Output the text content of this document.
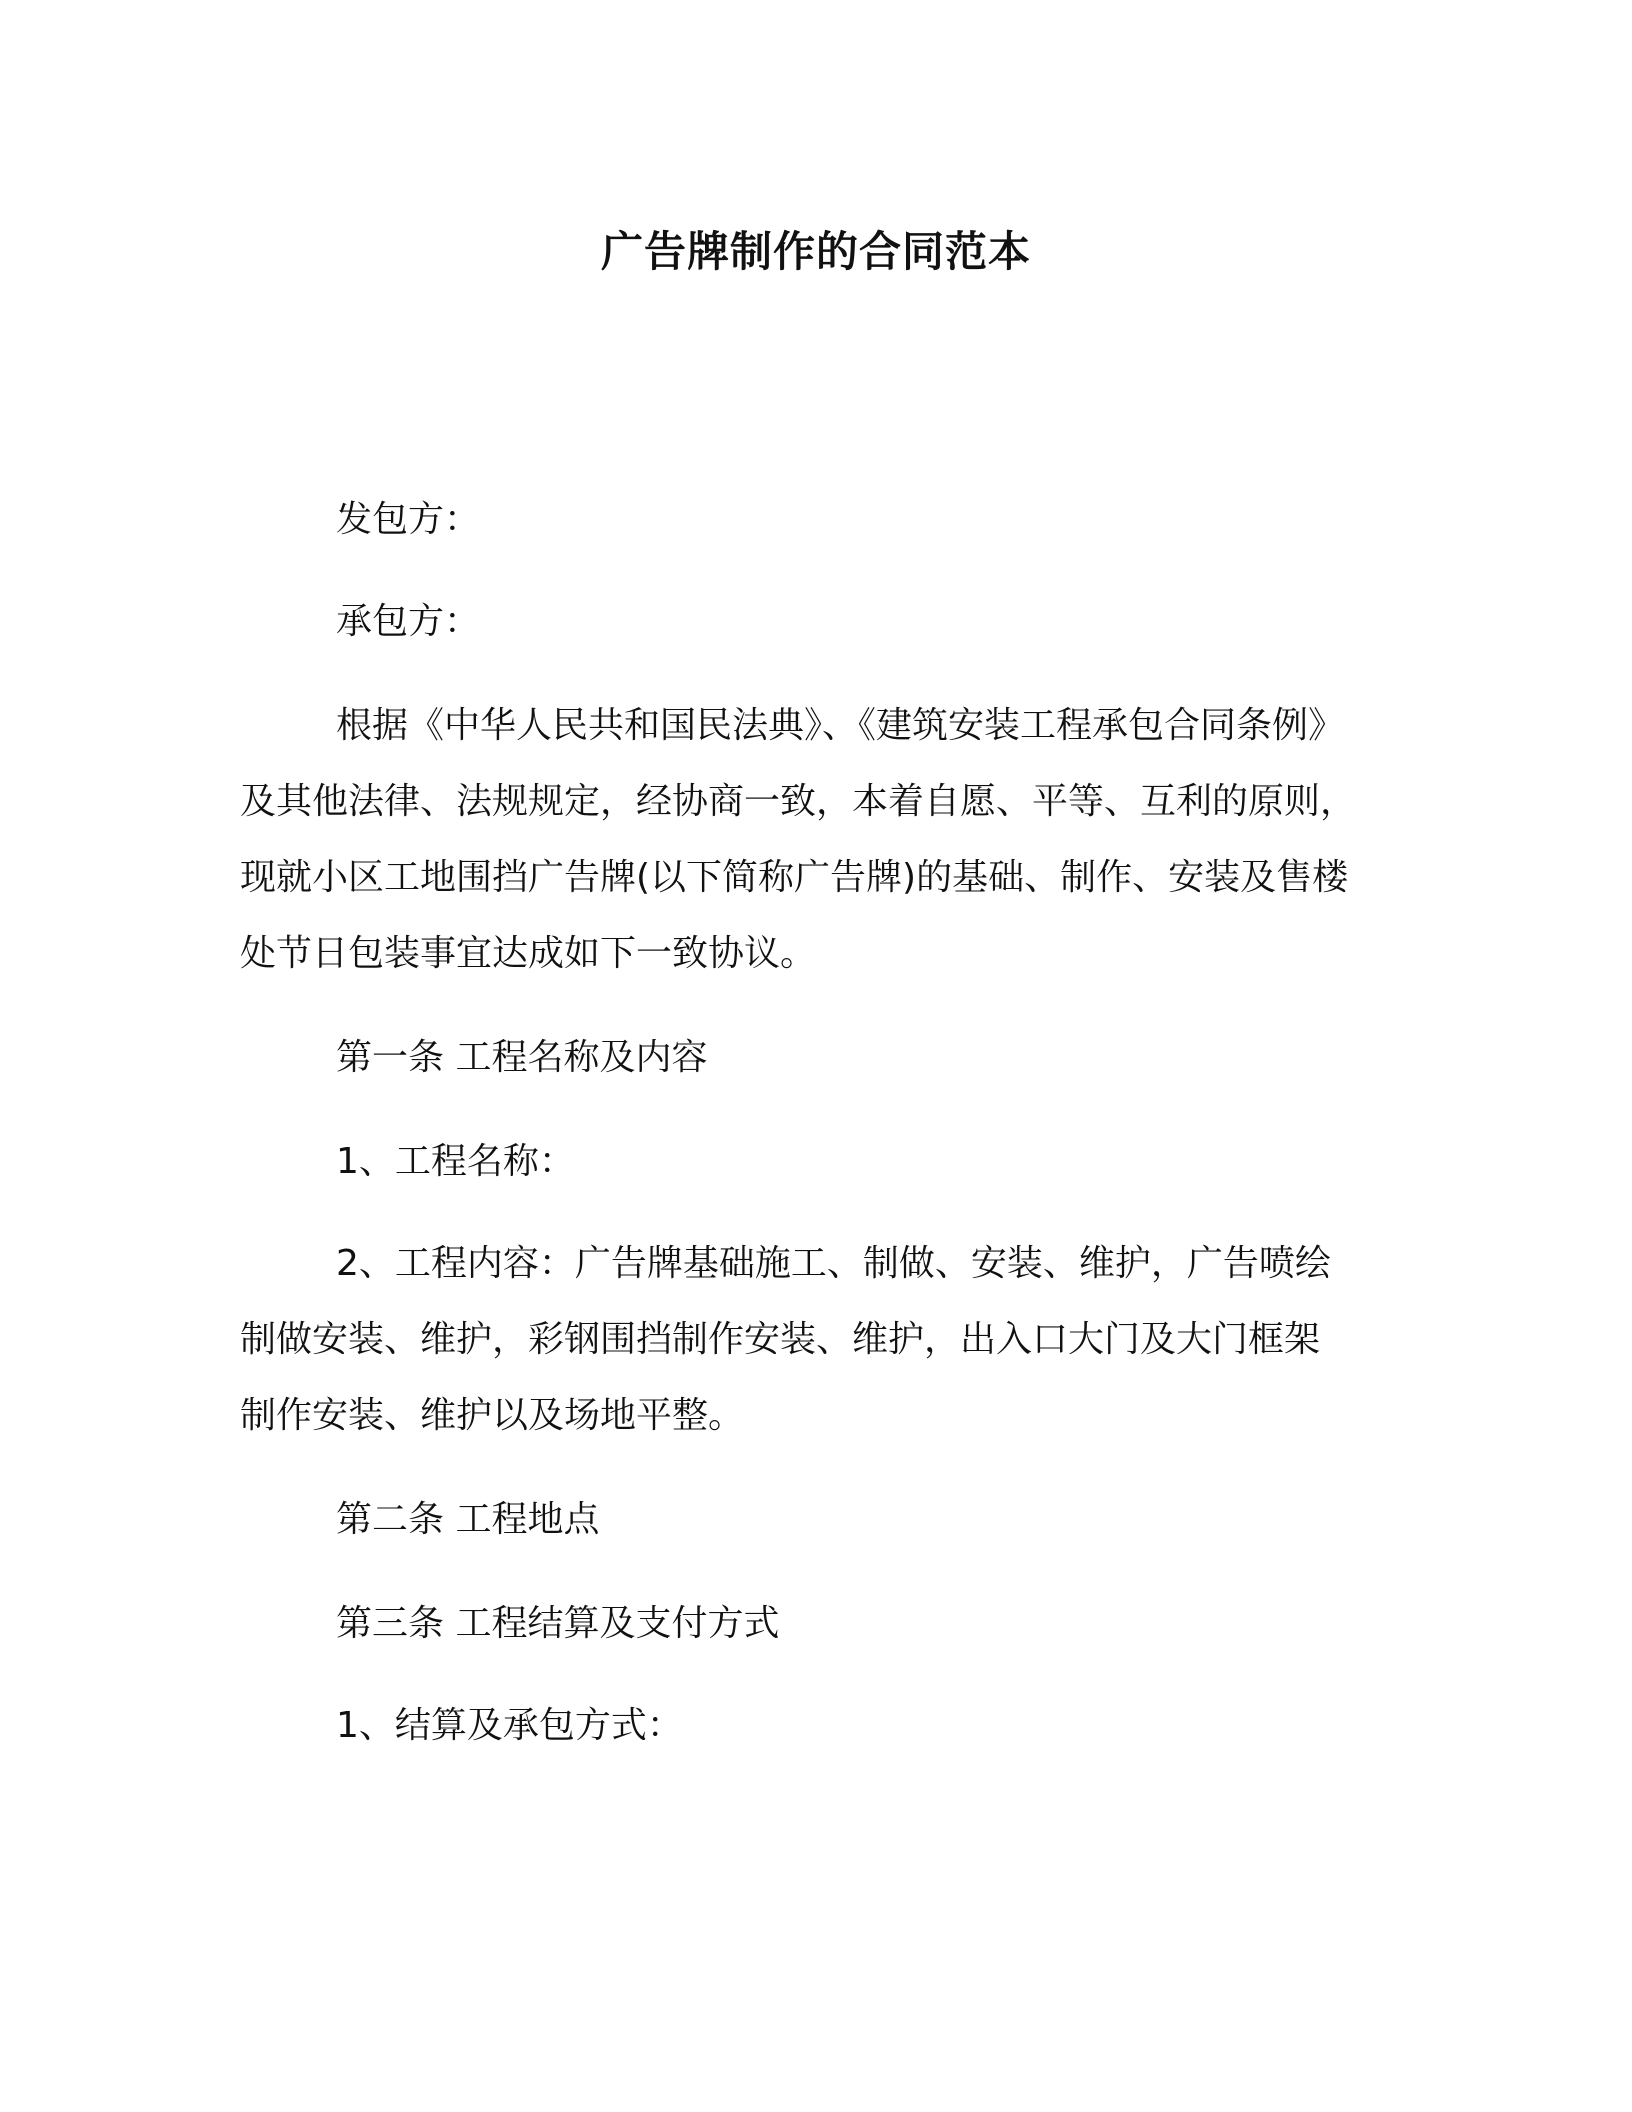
广告牌制作的合同范本
发包方：
承包方：
根据《中华人民共和国民法典》、《建筑安装工程承包合同条例》
及其他法律、法规规定，经协商一致，本着自愿、平等、互利的原则，
现就小区工地围挡广告牌(以下简称广告牌)的基础、制作、安装及售楼
处节日包装事宜达成如下一致协议。
第一条 工程名称及内容
1、工程名称：
2、工程内容：广告牌基础施工、制做、安装、维护，广告喷绘
制做安装、维护，彩钢围挡制作安装、维护，出入口大门及大门框架
制作安装、维护以及场地平整。
第二条 工程地点
第三条 工程结算及支付方式
1、结算及承包方式：
